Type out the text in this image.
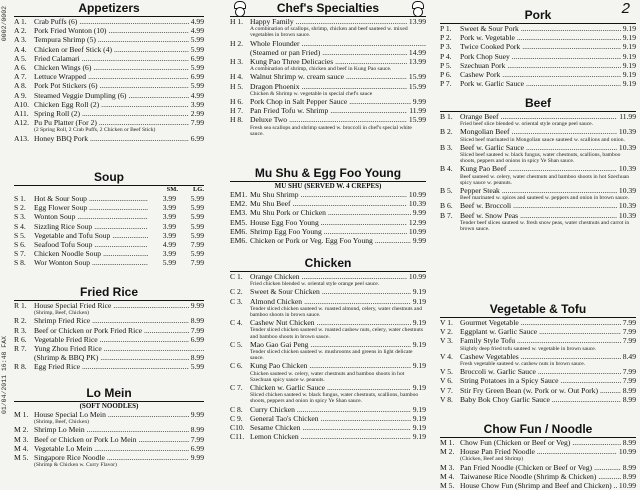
0002/0002
01/04/2011 16:48 FAX
2
Appetizers
A 1. Crab Puffs (6) .....	4.99
A 2. Pork Fried Wonton (10) .....	4.99
A 3. Tempura Shrimp (5) .....	5.99
A 4. Chicken or Beef Stick (4) .....	5.99
A 5. Fried Calamari .....	6.99
A 6. Chicken Wings (6) .....	5.99
A 7. Lettuce Wrapped .....	6.99
A 8. Pork Pot Stickers (6) .....	5.99
A 9. Steamed Veggie Dumpling (6) .....	4.99
A10. Chicken Egg Roll (2) .....	3.99
A11. Spring Roll (2) .....	2.99
A12. Pu Pu Platter (For 2) .....	7.99
(2 Spring Roll, 2 Crab Puffs, 2 Chicken or Beef Stick)
A13. Honey BBQ Pork .....	6.99
Soup
SM.	LG.
S 1.	Hot & Sour Soup .....	3.99	5.99
S 2.	Egg Flower Soup .....	3.99	5.99
S 3.	Wonton Soup .....	3.99	5.99
S 4.	Sizzling Rice Soup .....	3.99	5.99
S 5.	Vegetable and Tofu Soup .....	3.99	5.99
S 6.	Seafood Tofu Soup .....	4.99	7.99
S 7.	Chicken Noodle Soup .....	3.99	5.99
S 8.	Wor Wonton Soup .....	5.99	7.99
Fried Rice
R 1. House Special Fried Rice .....	9.99
(Shrimp, Beef, Chicken)
R 2. Shrimp Fried Rice .....	8.99
R 3. Beef or Chicken or Pork Fried Rice .....	7.99
R 6. Vegetable Fried Rice .....	6.99
R 7. Yung Zhou Fried Rice .....
(Shrimp & BBQ PK) .....	8.99
R 8. Egg Fried Rice .....	5.99
Lo Mein
(SOFT NOODLES)
M 1. House Special Lo Mein .....	9.99
(Shrimp, Beef, Chicken)
M 2. Shrimp Lo Mein .....	8.99
M 3. Beef or Chicken or Pork Lo Mein .....	7.99
M 4. Vegetable Lo Mein .....	6.99
M 5. Singapore Rice Noodle .....	9.99
(Shrimp & Chicken w. Curry Flavor)
Chef's Specialties
H 1. Happy Family .....	13.99
A combination of scallops, shrimp, chicken and beef sauteed w. mixed vegetables in brown sauce.
H 2. Whole Flounder .....
(Steamed or pan Fried) .....	14.99
H 3. Kung Pao Three Delicacies .....	13.99
A combination of shrimp, chicken and beef in Kung Pao sauce.
H 4. Walnut Shrimp w. cream sauce .....	15.99
H 5. Dragon Phoenix .....	15.99
Chicken & Shrimp w. vegetable in special chef's sauce
H 6. Pork Chop in Salt Pepper Sauce .....	9.99
H 7. Pan Fried Tofu w. Shrimp .....	11.99
H 8. Deluxe Two .....	15.99
Fresh sea scallops and shrimp sauteed w. broccoli in chef's special white sauce.
Mu Shu & Egg Foo Young
MU SHU (SERVED W. 4 CREPES)
EM1. Mu Shu Shrimp .....	10.99
EM2. Mu Shu Beef .....	10.39
EM3. Mu Shu Pork or Chicken .....	9.99
EM5. House Egg Foo Young .....	12.99
EM6. Shrimp Egg Foo Young .....	10.99
EM6. Chicken or Pork or Veg. Egg Foo Young .....	9.99
Chicken
C 1. Orange Chicken .....	10.99
Fried chicken blended w. oriental style orange peel sauce.
C 2. Sweet & Sour Chicken .....	9.19
C 3. Almond Chicken .....	9.19
Tender sliced chicken sauteed w. roasted almond, celery, water chestnuts and bamboo shoots in brown sauce.
C 4. Cashew Nut Chicken .....	9.19
Tender sliced chicken sauteed w. roasted cashew nuts, celery, water chestnuts and bamboo shoots in brown sauce.
C 5. Mao Gao Gai Peng .....	9.19
Tender sliced chicken sauteed w. mushrooms and greens in light delicate sauce.
C 6. Kung Pao Chicken .....	9.19
Chicken sauteed w. celery, water chestnuts and bamboo shoots in hot Szechuan spicy sauce w. peanuts.
C 7. Chicken w. Garlic Sauce .....	9.19
Sliced chicken sauteed w. black fungus, water chestnuts, scallions, bamboo shoots, peppers and onion in spicy Ye Shan sauce.
C 8. Curry Chicken .....	9.19
C 9. General Tao's Chicken .....	9.19
C10. Sesame Chicken .....	9.19
C11. Lemon Chicken .....	9.19
Pork
P 1.	Sweet & Sour Pork .....	9.19
P 2.	Pork w. Vegetable .....	9.19
P 3.	Twice Cooked Pork .....	9.19
P 4.	Pork Chop Suey .....	9.19
P 5.	Szechuan Pork .....	9.19
P 6.	Cashew Pork .....	9.19
P 7.	Pork w. Garlic Sauce .....	9.19
Beef
B 1. Orange Beef .....	11.99
Fried beef slice blended w. oriental style orange peel sauce.
B 2. Mongolian Beef .....	10.39
Sliced beef marinated in Mongolian sauce sauteed w. scallions and onion.
B 3. Beef w. Garlic Sauce .....	10.39
Sliced beef sauteed w. black fungus, water chestnuts, scallions, bamboo shoots, peppers and onions in spicy Ye Shan sauce.
B 4. Kung Pao Beef .....	10.39
Beef sauteed w. celery, water chestnuts and bamboo shoots in hot Szechuan spicy sauce w. peanuts.
B 5. Pepper Steak .....	10.39
Beef marinated w. spices and sauteed w. peppers and onion in brown sauce.
B 6. Beef w. Broccoli .....	10.39
B 7. Beef w. Snow Peas .....	10.39
Tender beef slices sauteed w. fresh snow peas, water chestnuts and carrot in brown sauce.
Vegetable & Tofu
V 1. Gourmet Vegetable .....	7.99
V 2. Eggplant w. Garlic Sauce .....	7.99
V 3. Family Style Tofu .....	7.99
Slightly deep fried tofu sauteed w. vegetable in brown sauce.
V 4. Cashew Vegetables .....	8.49
Fresh vegetable sauteed w. cashew nuts in brown sauce.
V 5. Broccoli w. Garlic Sauce .....	7.99
V 6. String Potatoes in a Spicy Sauce .....	7.99
V 7. Stir Fry Green Bean (w. Pork or w. Out Pork) .....	8.99
V 8. Baby Bok Choy Garlic Sauce .....	8.99
Chow Fun / Noodle
M 1. Chow Fun (Chicken or Beef or Veg) .....	8.99
M 2. House Pan Fried Noodle .....	10.99
(Chicken, Beef and Shrimp)
M 3. Pan Fried Noodle (Chicken or Beef or Veg) .....	8.99
M 4. Taiwanese Rice Noodle (Shrimp & Chicken) .....	8.99
M 5. House Chow Fun (Shrimp and Beef and Chicken) ..... 10.99
